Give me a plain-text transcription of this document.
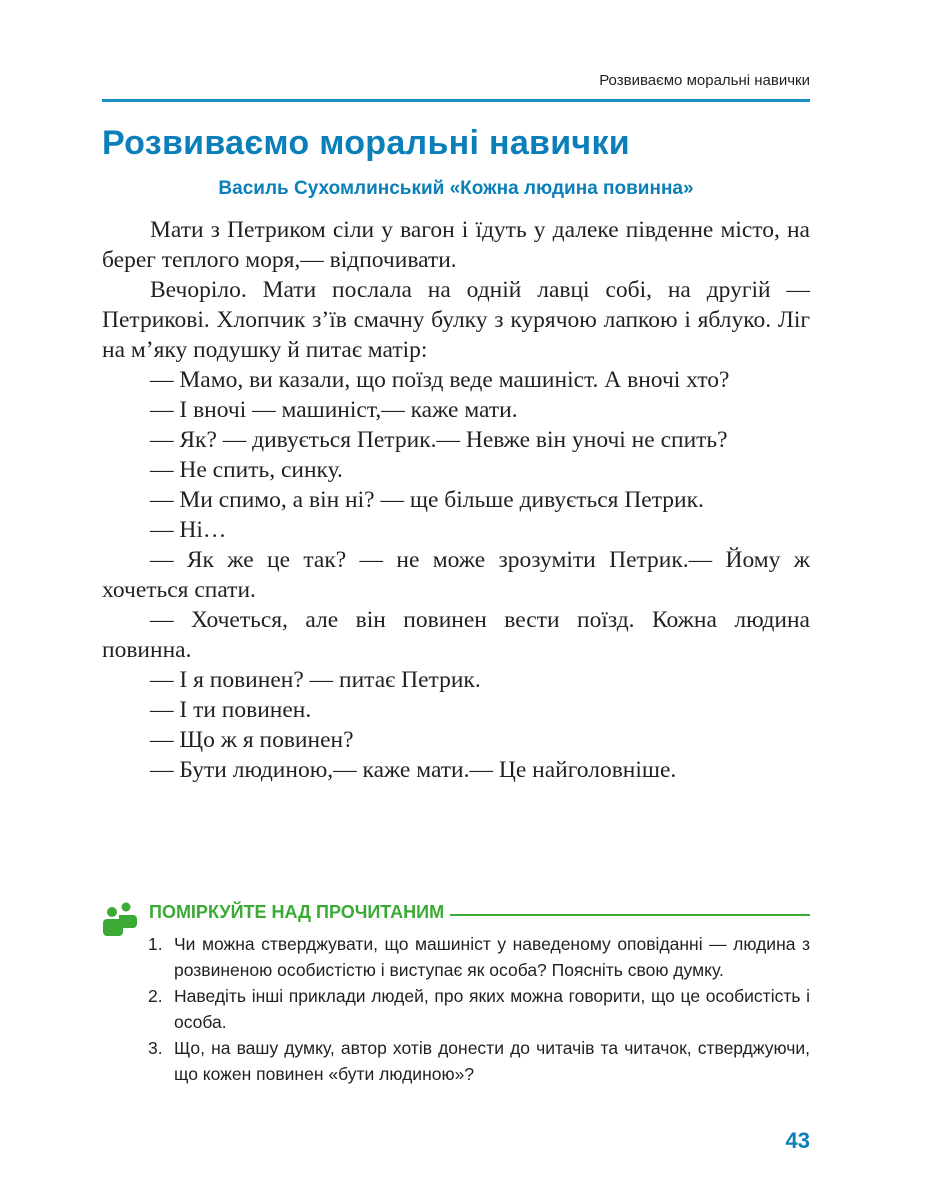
Розвиваємо моральні навички
Розвиваємо моральні навички
Василь Сухомлинський «Кожна людина повинна»

Мати з Петриком сіли у вагон і їдуть у далеке південне місто, на берег теплого моря,— відпочивати.

Вечоріло. Мати послала на одній лавці собі, на другій — Петрикові. Хлопчик з’їв смачну булку з курячою лапкою і яблуко. Ліг на м’яку подушку й питає матір:

— Мамо, ви казали, що поїзд веде машиніст. А вночі хто?

— І вночі — машиніст,— каже мати.

— Як? — дивується Петрик.— Невже він уночі не спить?

— Не спить, синку.

— Ми спимо, а він ні? — ще більше дивується Петрик.

— Ні…

— Як же це так? — не може зрозуміти Петрик.— Йому ж хочеться спати.

— Хочеться, але він повинен вести поїзд. Кожна людина повинна.

— І я повинен? — питає Петрик.

— І ти повинен.

— Що ж я повинен?

— Бути людиною,— каже мати.— Це найголовніше.

ПОМІРКУЙТЕ НАД ПРОЧИТАНИМ
1. Чи можна стверджувати, що машиніст у наведеному оповіданні — людина з розвиненою особистістю і виступає як особа? Поясніть свою думку.
2. Наведіть інші приклади людей, про яких можна говорити, що це особистість і особа.
3. Що, на вашу думку, автор хотів донести до читачів та читачок, стверджуючи, що кожен повинен «бути людиною»?
43
